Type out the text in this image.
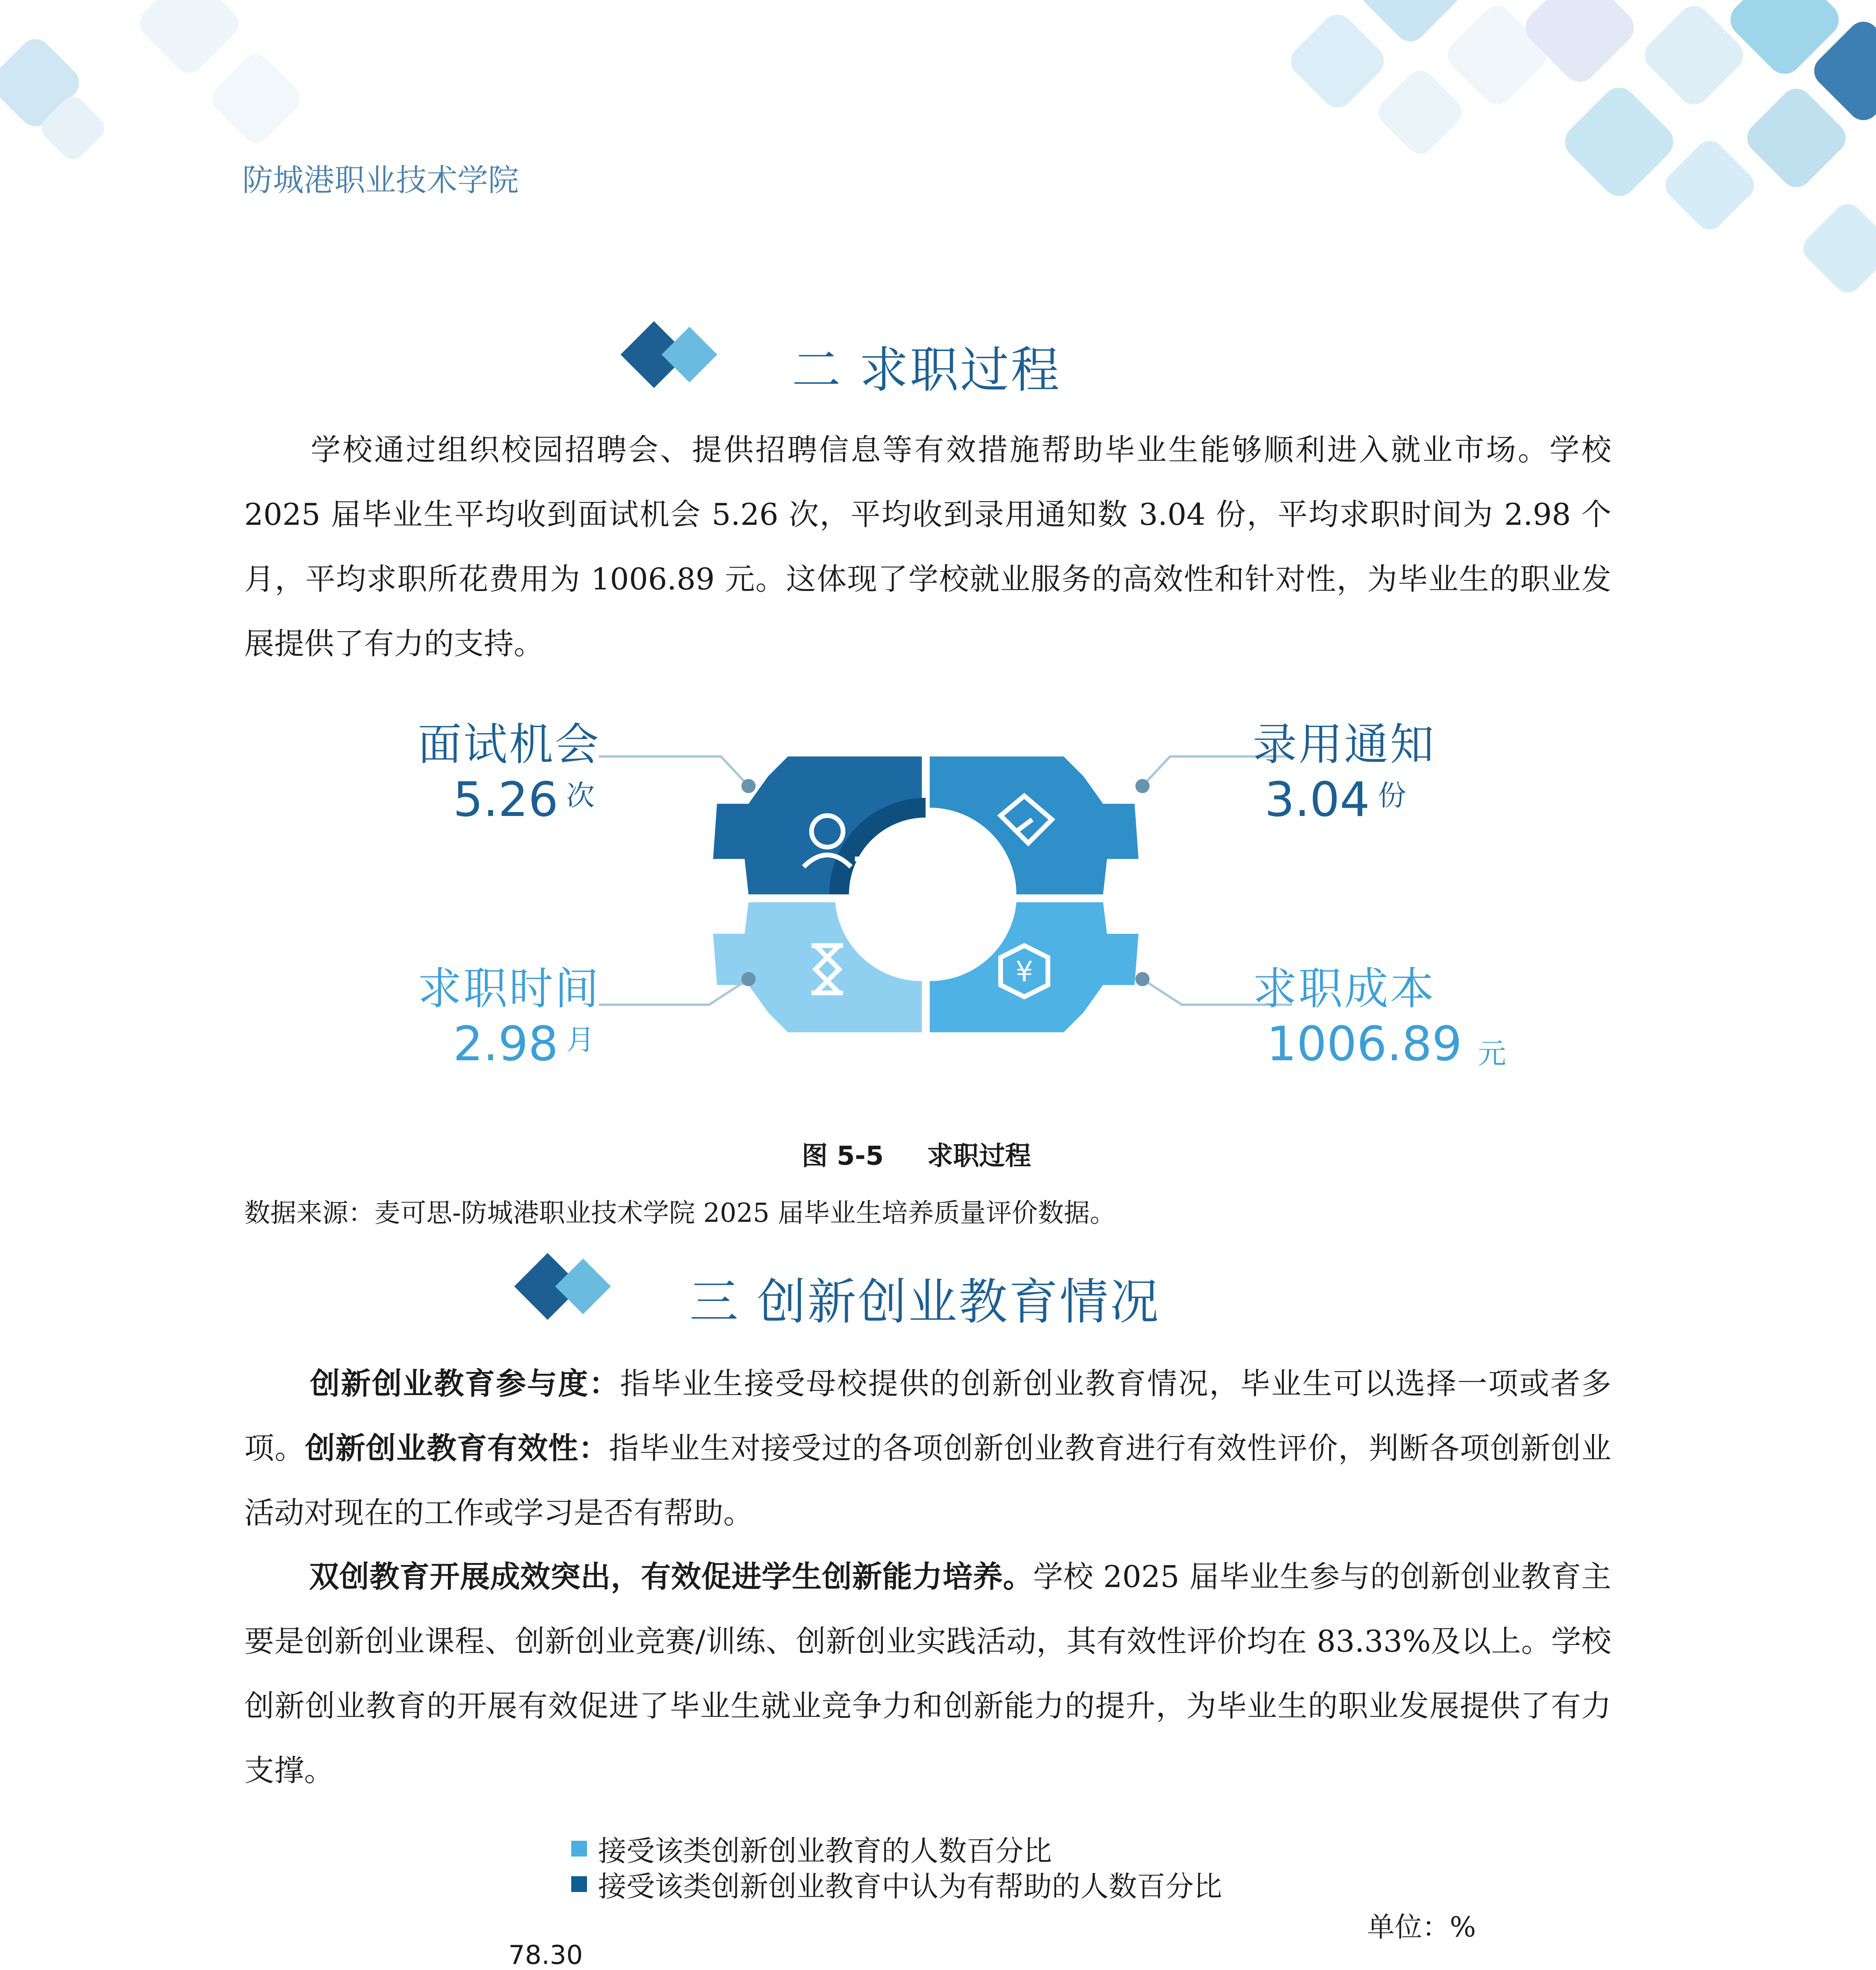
防城港职业技术学院
二 求职过程

学校通过组织校园招聘会、提供招聘信息等有效措施帮助毕业生能够顺利进入就业市场。学校 2025 届毕业生平均收到面试机会 5.26 次，平均收到录用通知数 3.04 份，平均求职时间为 2.98 个月，平均求职所花费用为 1006.89 元。这体现了学校就业服务的高效性和针对性，为毕业生的职业发展提供了有力的支持。

¥
面试机会
5.26 次
录用通知
3.04 份
求职时间
2.98 月
求职成本
1006.89 元
图 5-5 求职过程
数据来源：麦可思-防城港职业技术学院 2025 届毕业生培养质量评价数据。
三 创新创业教育情况

创新创业教育参与度：指毕业生接受母校提供的创新创业教育情况，毕业生可以选择一项或者多项。创新创业教育有效性：指毕业生对接受过的各项创新创业教育进行有效性评价，判断各项创新创业活动对现在的工作或学习是否有帮助。

双创教育开展成效突出，有效促进学生创新能力培养。学校 2025 届毕业生参与的创新创业教育主要是创新创业课程、创新创业竞赛/训练、创新创业实践活动，其有效性评价均在 83.33%及以上。学校创新创业教育的开展有效促进了毕业生就业竞争力和创新能力的提升，为毕业生的职业发展提供了有力支撑。

接受该类创新创业教育的人数百分比
接受该类创新创业教育中认为有帮助的人数百分比
单位：%
78.30
